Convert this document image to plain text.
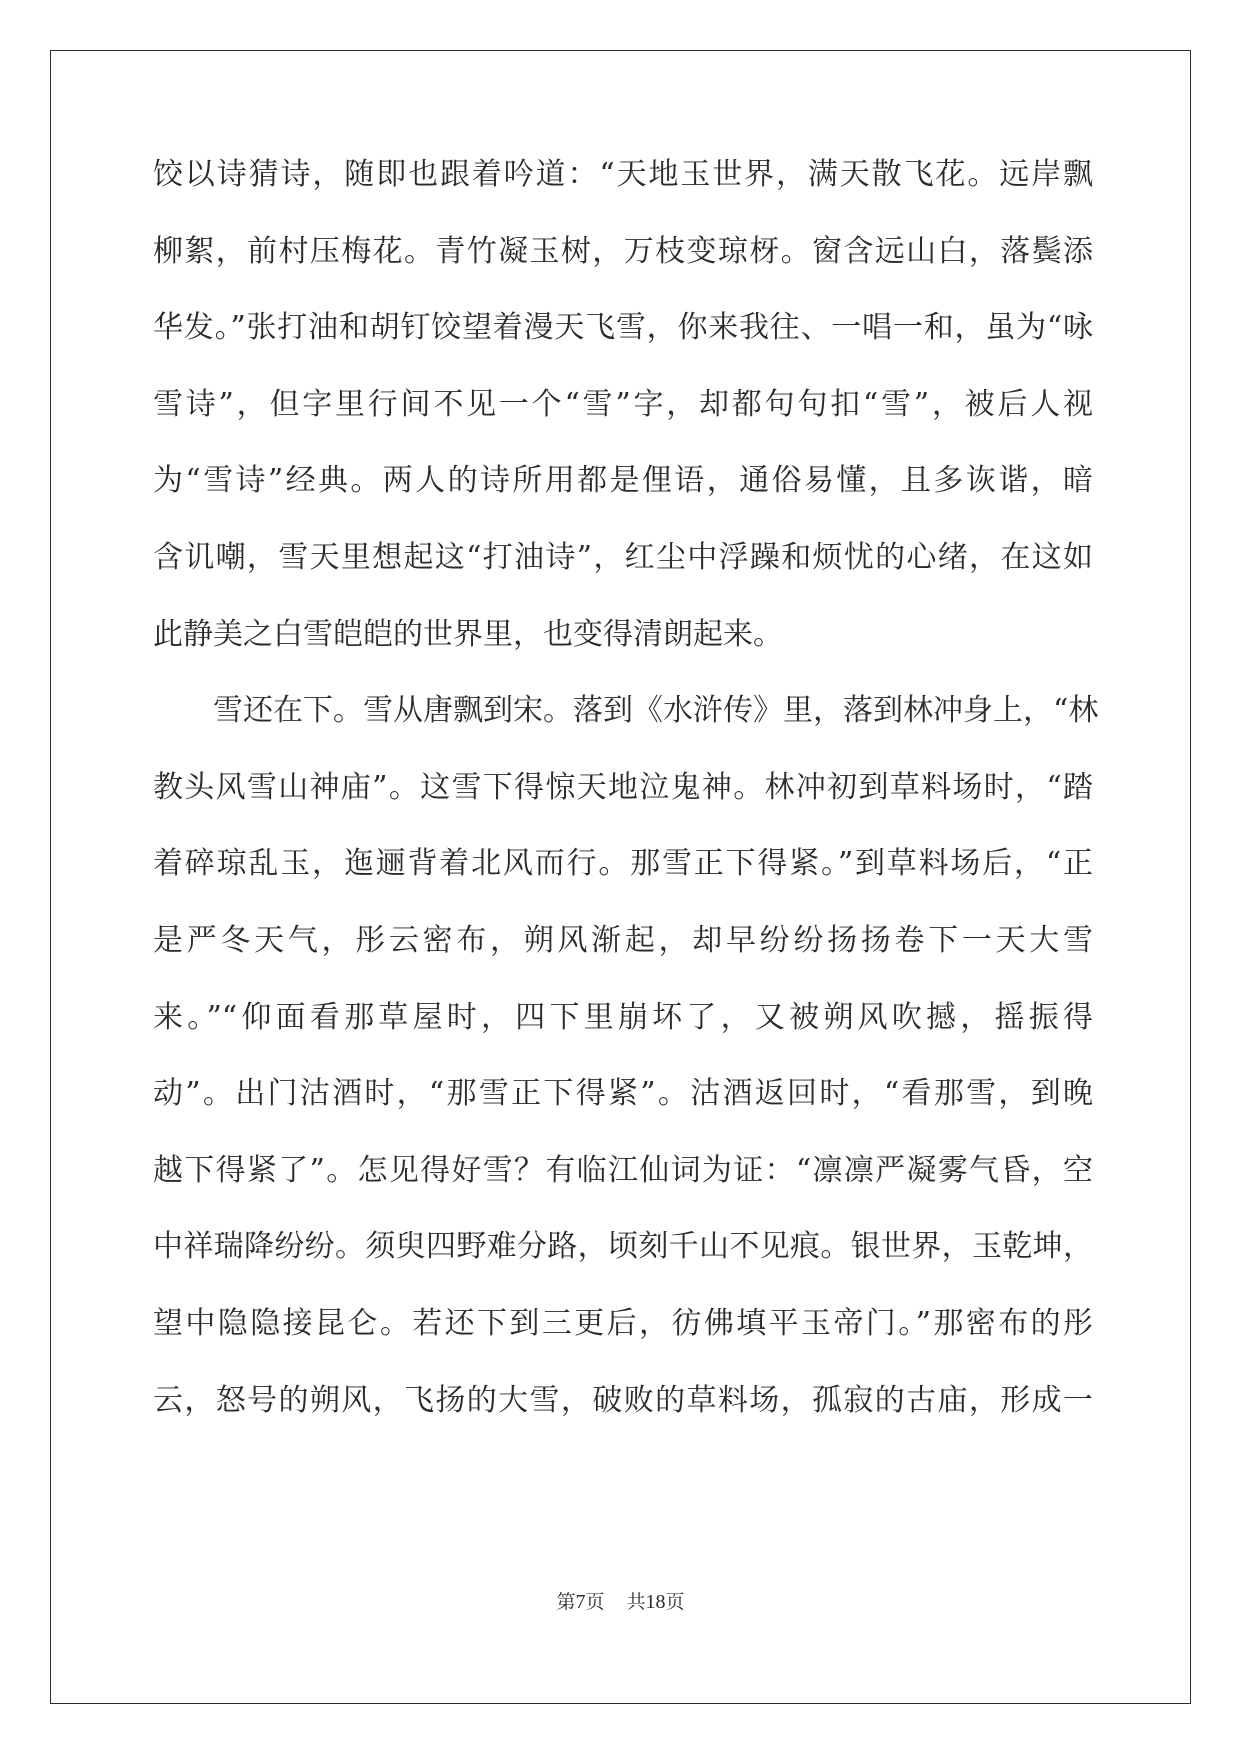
饺以诗猜诗，随即也跟着吟道：“天地玉世界，满天散飞花。远岸飘
柳絮，前村压梅花。青竹凝玉树，万枝变琼枒。窗含远山白，落鬓添
华发。”张打油和胡钉饺望着漫天飞雪，你来我往、一唱一和，虽为“咏
雪诗”，但字里行间不见一个“雪”字，却都句句扣“雪”，被后人视
为“雪诗”经典。两人的诗所用都是俚语，通俗易懂，且多诙谐，暗
含讥嘲，雪天里想起这“打油诗”，红尘中浮躁和烦忧的心绪，在这如
此静美之白雪皑皑的世界里，也变得清朗起来。
雪还在下。雪从唐飘到宋。落到《水浒传》里，落到林冲身上，“林
教头风雪山神庙”。这雪下得惊天地泣鬼神。林冲初到草料场时，“踏
着碎琼乱玉，迤逦背着北风而行。那雪正下得紧。”到草料场后，“正
是严冬天气，彤云密布，朔风渐起，却早纷纷扬扬卷下一天大雪
来。”“仰面看那草屋时，四下里崩坏了，又被朔风吹撼，摇振得
动”。出门沽酒时，“那雪正下得紧”。沽酒返回时，“看那雪，到晚
越下得紧了”。怎见得好雪？有临江仙词为证：“凛凛严凝雾气昏，空
中祥瑞降纷纷。须臾四野难分路，顷刻千山不见痕。银世界，玉乾坤，
望中隐隐接昆仑。若还下到三更后，彷佛填平玉帝门。”那密布的彤
云，怒号的朔风，飞扬的大雪，破败的草料场，孤寂的古庙，形成一
第7页 共18页
